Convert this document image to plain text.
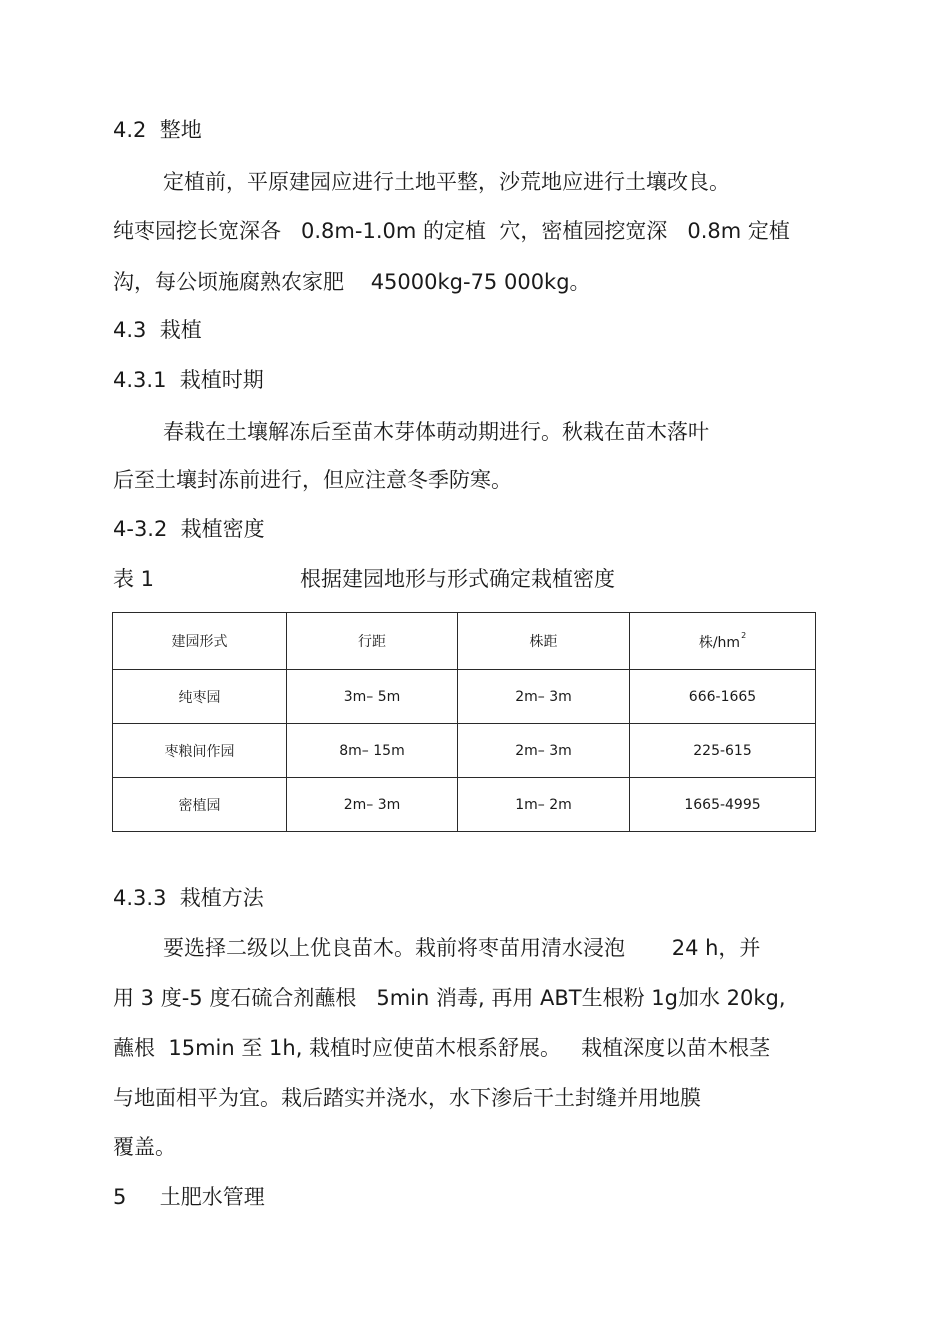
4.2  整地
定植前，平原建园应进行土地平整，沙荒地应进行土壤改良。
纯枣园挖长宽深各   0.8m-1.0m 的定植  穴，密植园挖宽深   0.8m 定植
沟，每公顷施腐熟农家肥    45000kg-75 000kg。
4.3  栽植
4.3.1  栽植时期
春栽在土壤解冻后至苗木芽体萌动期进行。秋栽在苗木落叶
后至土壤封冻前进行，但应注意冬季防寒。
4-3.2  栽植密度
表 1	根据建园地形与形式确定栽植密度
建园形式	行距	株距	株$/hm^2$
纯枣园	3m– 5m	2m– 3m	666-1665
枣粮间作园	8m– 15m	2m– 3m	225-615
密植园	2m– 3m	1m– 2m	1665-4995
4.3.3  栽植方法
要选择二级以上优良苗木。栽前将枣苗用清水浸泡       24 h，并
用 3 度-5 度石硫合剂蘸根   5min 消毒, 再用 ABT生根粉 1g加水 20kg,
蘸根  15min 至 1h, 栽植时应使苗木根系舒展。   栽植深度以苗木根茎
与地面相平为宜。栽后踏实并浇水，水下渗后干土封缝并用地膜
覆盖。
5     土肥水管理
